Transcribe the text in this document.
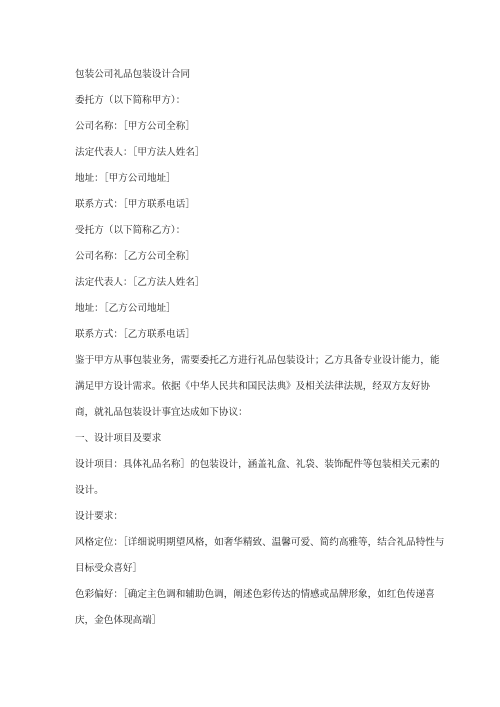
包装公司礼品包装设计合同
委托方（以下简称甲方）：
公司名称：［甲方公司全称］
法定代表人：［甲方法人姓名］
地址：［甲方公司地址］
联系方式：［甲方联系电话］
受托方（以下简称乙方）：
公司名称：［乙方公司全称］
法定代表人：［乙方法人姓名］
地址：［乙方公司地址］
联系方式：［乙方联系电话］
鉴于甲方从事包装业务，需要委托乙方进行礼品包装设计；乙方具备专业设计能力，能满足甲方设计需求。依据《中华人民共和国民法典》及相关法律法规，经双方友好协商，就礼品包装设计事宜达成如下协议：
一、设计项目及要求
设计项目：具体礼品名称］的包装设计，涵盖礼盒、礼袋、装饰配件等包装相关元素的设计。
设计要求：
风格定位：［详细说明期望风格，如奢华精致、温馨可爱、简约高雅等，结合礼品特性与目标受众喜好］
色彩偏好：［确定主色调和辅助色调，阐述色彩传达的情感或品牌形象，如红色传递喜庆，金色体现高端］
